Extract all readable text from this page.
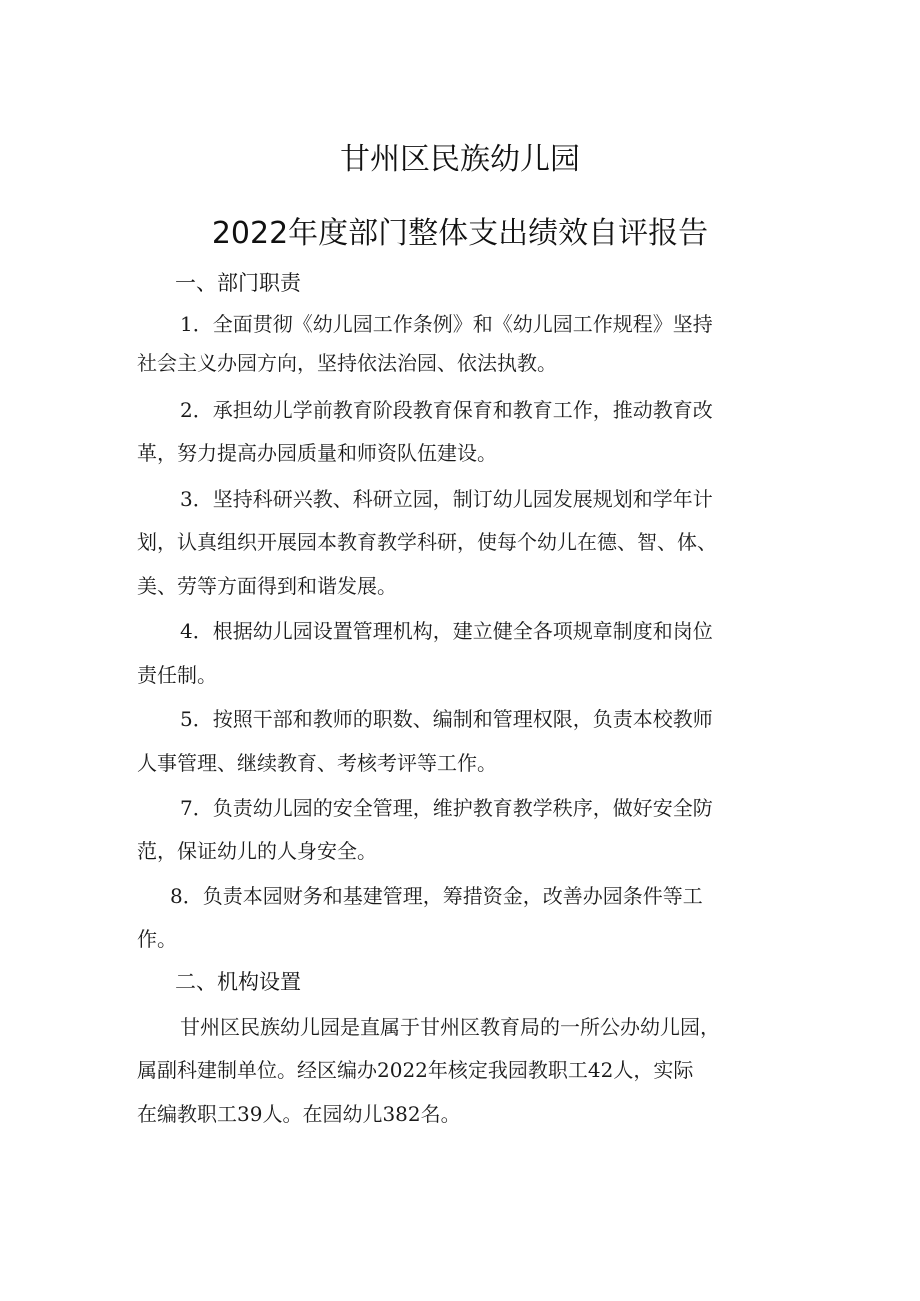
甘州区民族幼儿园
2022年度部门整体支出绩效自评报告
一、部门职责
1．全面贯彻《幼儿园工作条例》和《幼儿园工作规程》坚持
社会主义办园方向，坚持依法治园、依法执教。
2．承担幼儿学前教育阶段教育保育和教育工作，推动教育改
革，努力提高办园质量和师资队伍建设。
3．坚持科研兴教、科研立园，制订幼儿园发展规划和学年计
划，认真组织开展园本教育教学科研，使每个幼儿在德、智、体、
美、劳等方面得到和谐发展。
4．根据幼儿园设置管理机构，建立健全各项规章制度和岗位
责任制。
5．按照干部和教师的职数、编制和管理权限，负责本校教师
人事管理、继续教育、考核考评等工作。
7．负责幼儿园的安全管理，维护教育教学秩序，做好安全防
范，保证幼儿的人身安全。
8．负责本园财务和基建管理，筹措资金，改善办园条件等工
作。
二、机构设置
甘州区民族幼儿园是直属于甘州区教育局的一所公办幼儿园，
属副科建制单位。经区编办2022年核定我园教职工42人，实际
在编教职工39人。在园幼儿382名。
